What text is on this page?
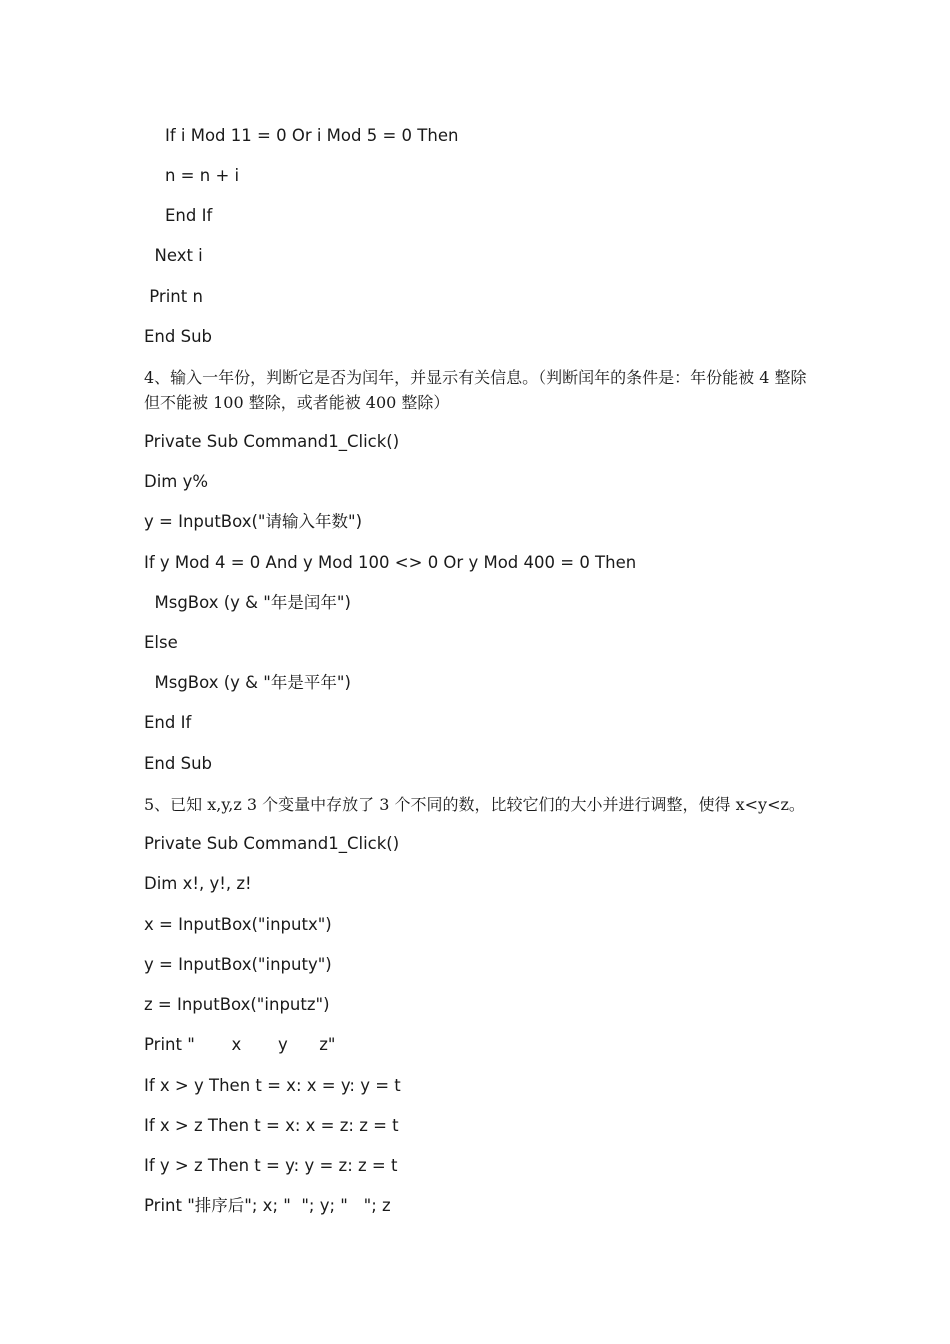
If i Mod 11 = 0 Or i Mod 5 = 0 Then
n = n + i
End If
Next i
Print n
End Sub
4、输入一年份，判断它是否为闰年，并显示有关信息。（判断闰年的条件是：年份能被 4 整除但不能被 100 整除，或者能被 400 整除）
Private Sub Command1_Click()
Dim y%
y = InputBox("请输入年数")
If y Mod 4 = 0 And y Mod 100 <> 0 Or y Mod 400 = 0 Then
MsgBox (y & "年是闰年")
Else
MsgBox (y & "年是平年")
End If
End Sub
5、已知 x,y,z 3 个变量中存放了 3 个不同的数，比较它们的大小并进行调整，使得 x<y<z。
Private Sub Command1_Click()
Dim x!, y!, z!
x = InputBox("inputx")
y = InputBox("inputy")
z = InputBox("inputz")
Print "       x       y      z"
If x > y Then t = x: x = y: y = t
If x > z Then t = x: x = z: z = t
If y > z Then t = y: y = z: z = t
Print "排序后"; x; "  "; y; "   "; z
